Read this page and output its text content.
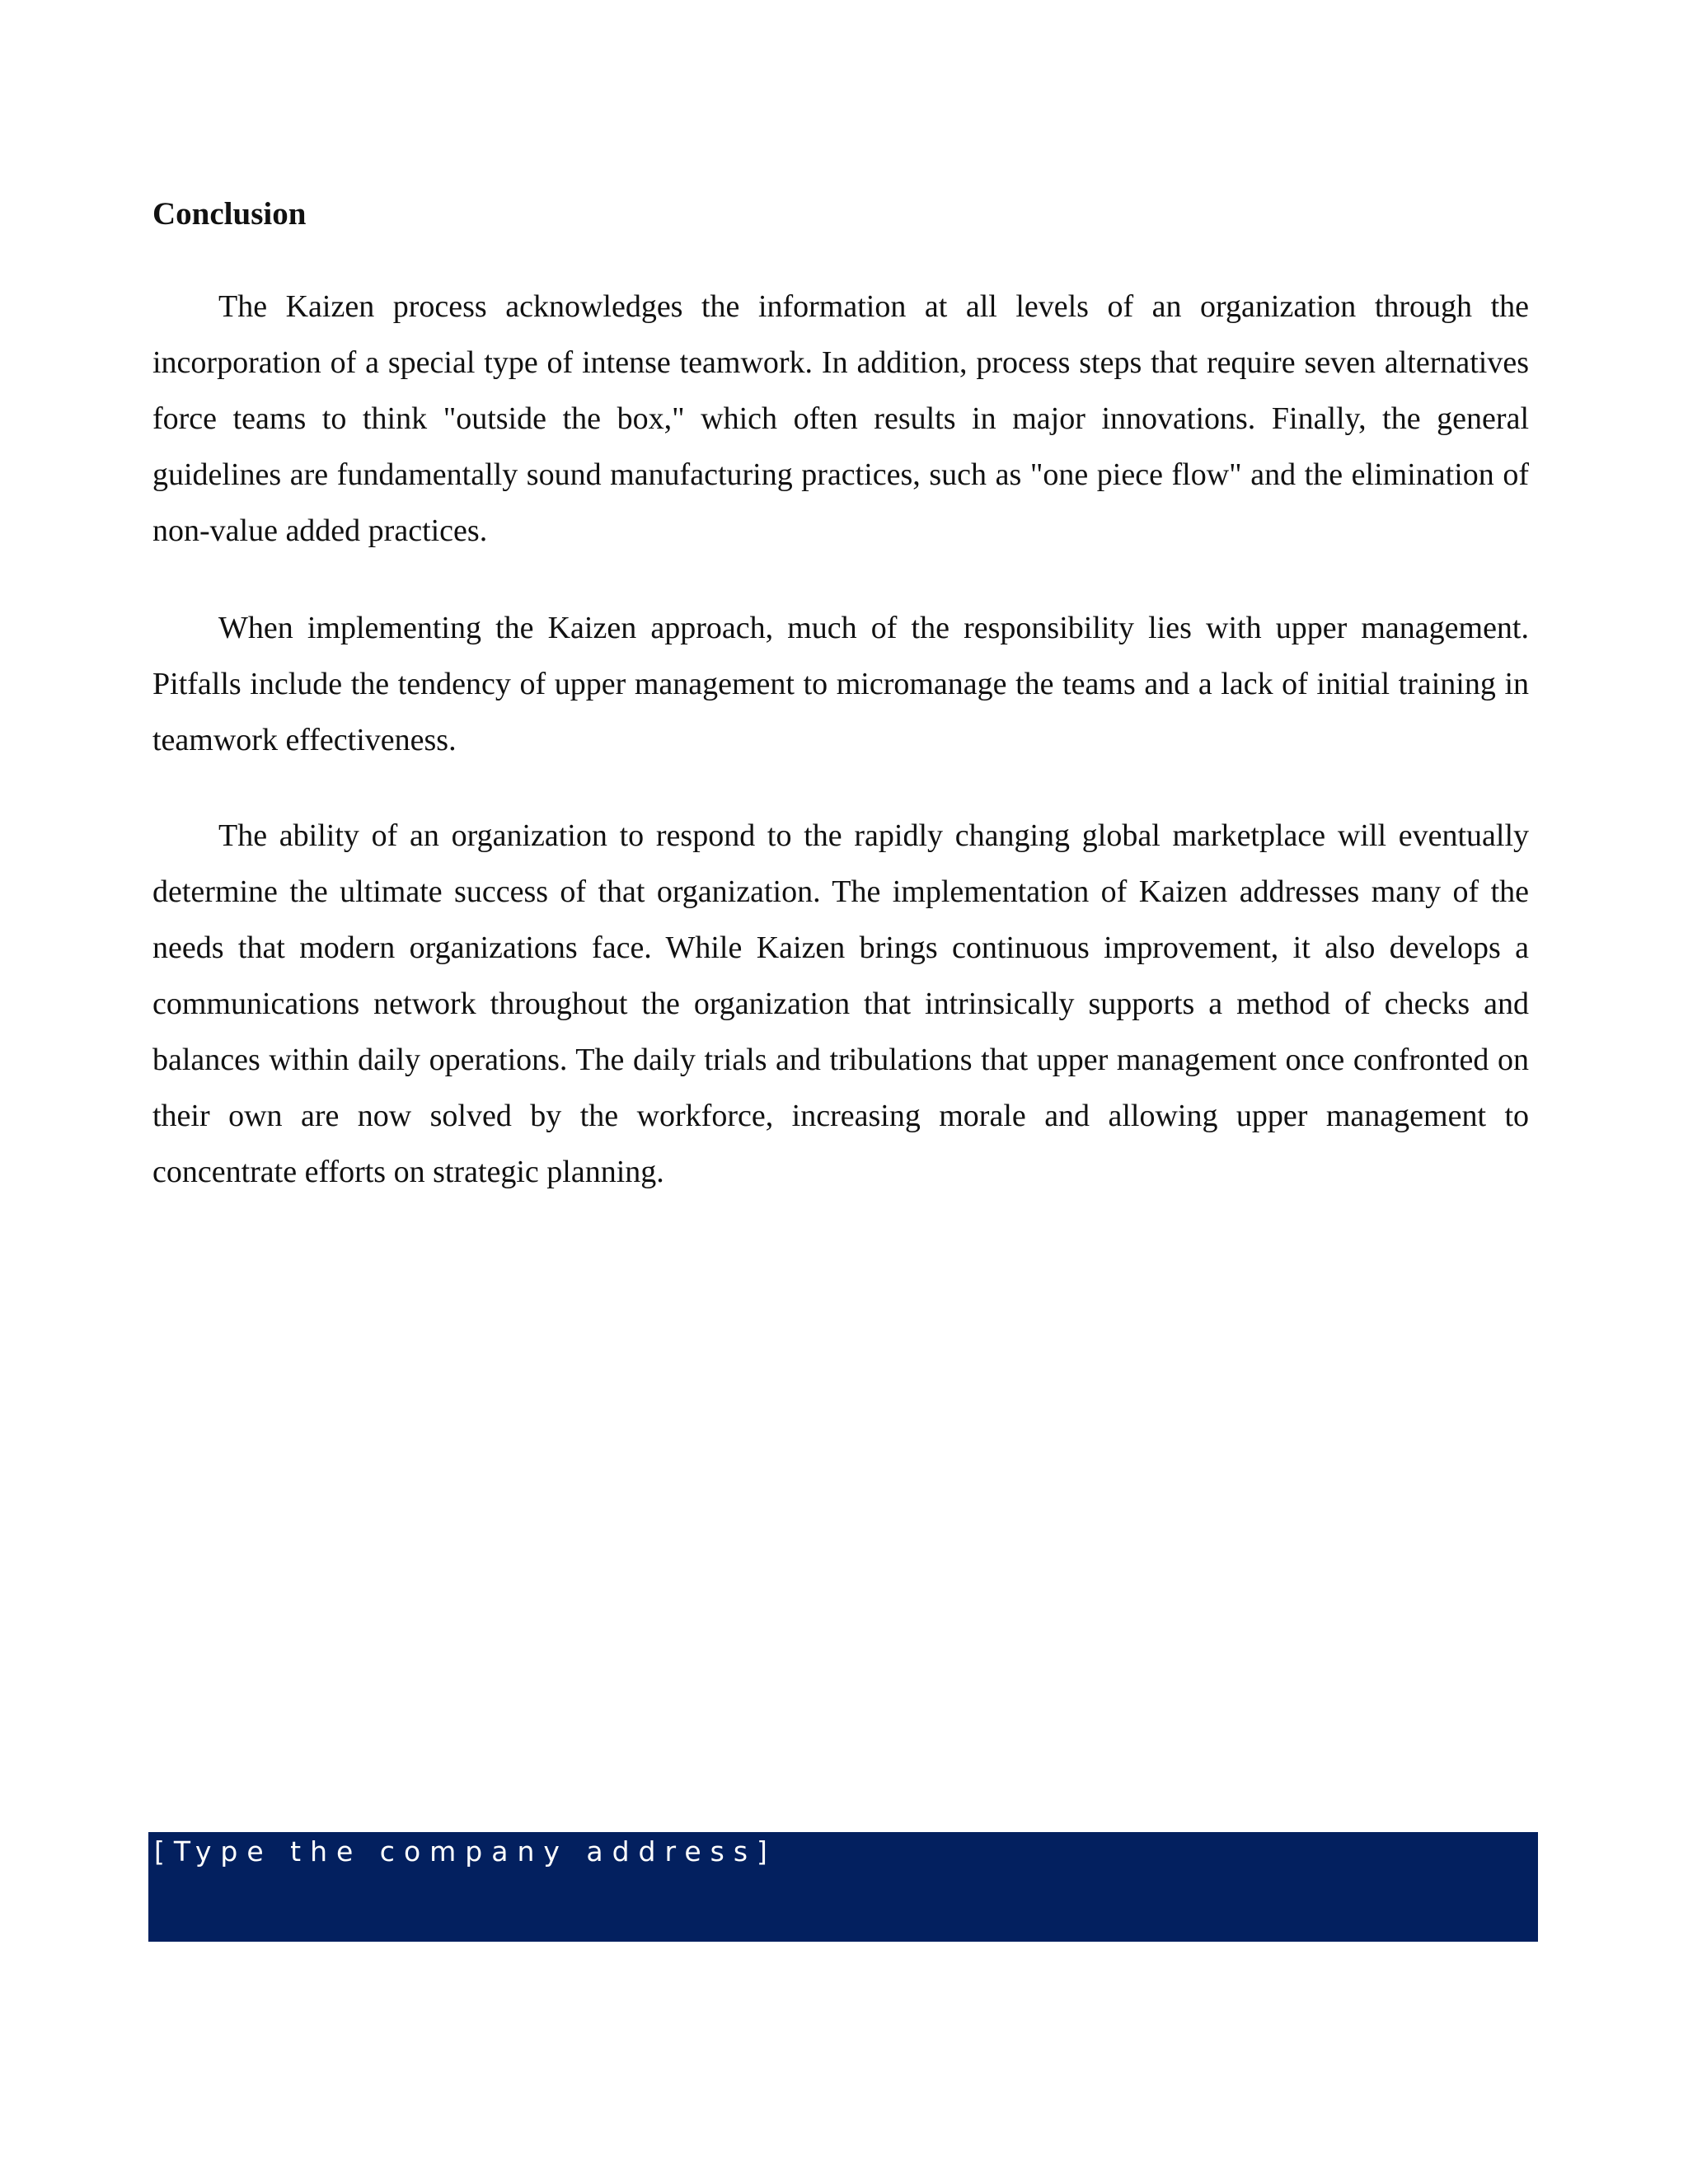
Conclusion

The Kaizen process acknowledges the information at all levels of an organization through the incorporation of a special type of intense teamwork. In addition, process steps that require seven alternatives force teams to think "outside the box," which often results in major innovations. Finally, the general guidelines are fundamentally sound manufacturing practices, such as "one piece flow" and the elimination of non-value added practices.

When implementing the Kaizen approach, much of the responsibility lies with upper management. Pitfalls include the tendency of upper management to micromanage the teams and a lack of initial training in teamwork effectiveness.

The ability of an organization to respond to the rapidly changing global marketplace will eventually determine the ultimate success of that organization. The implementation of Kaizen addresses many of the needs that modern organizations face. While Kaizen brings continuous improvement, it also develops a communications network throughout the organization that intrinsically supports a method of checks and balances within daily operations. The daily trials and tribulations that upper management once confronted on their own are now solved by the workforce, increasing morale and allowing upper management to concentrate efforts on strategic planning.

[Type the company address]
